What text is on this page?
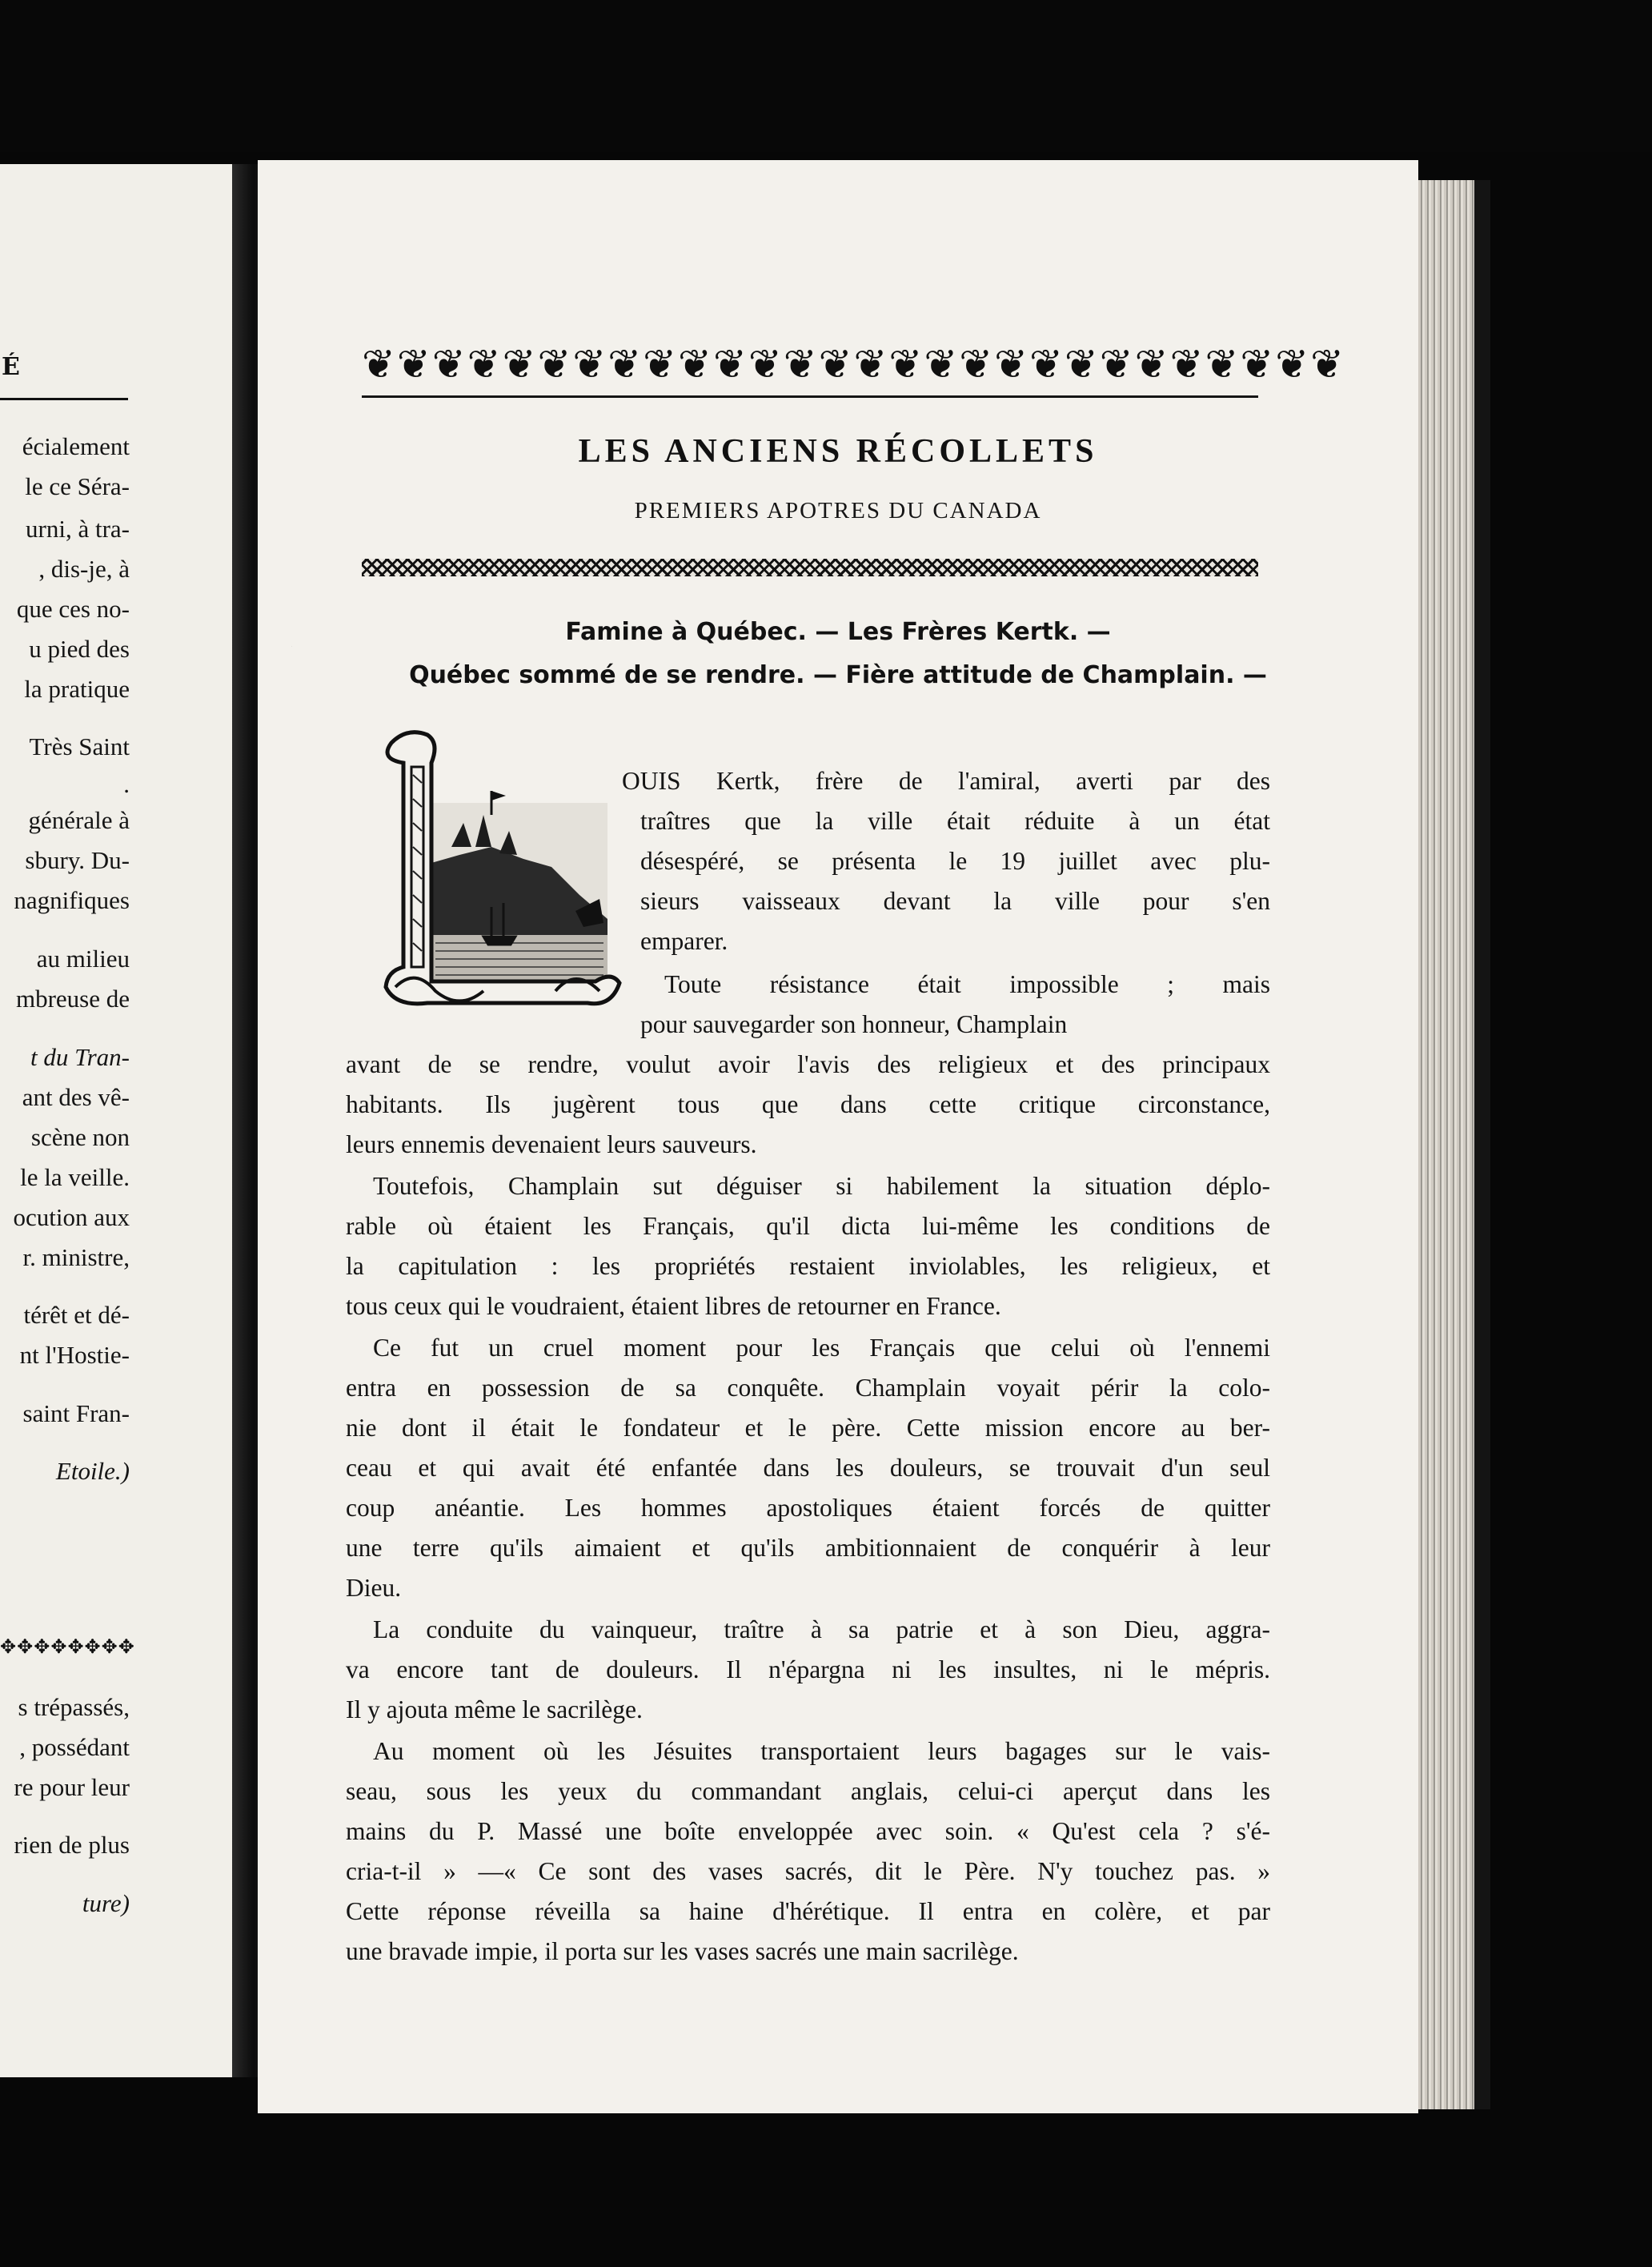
É
écialement
le ce Séra-
urni, à tra-
, dis-je, à
que ces no-
u pied des
la pratique
Très Saint
.
générale à
sbury. Du-
nagnifiques
au milieu
mbreuse de
t du Tran-
ant des vê-
scène non
le la veille.
ocution aux
r. ministre,
térêt et dé-
nt l'Hostie-
saint Fran-
Etoile.)
s trépassés,
, possédant
re pour leur
rien de plus
ture)
✥✥✥✥✥✥✥✥
❦❦❦❦❦❦❦❦❦❦❦❦❦❦❦❦❦❦❦❦❦❦❦❦❦❦❦❦
LES ANCIENS RÉCOLLETS
PREMIERS APOTRES DU CANADA
Famine à Québec. — Les Frères Kertk. —
Québec sommé de se rendre. — Fière attitude de Champlain. —
L
OUIS Kertk, frère de l'amiral, averti par des
traîtres que la ville était réduite à un état
désespéré, se présenta le 19 juillet avec plu-
sieurs vaisseaux devant la ville pour s'en
emparer.
Toute résistance était impossible ; mais
pour sauvegarder son honneur, Champlain
avant de se rendre, voulut avoir l'avis des religieux et des principaux
habitants. Ils jugèrent tous que dans cette critique circonstance,
leurs ennemis devenaient leurs sauveurs.
Toutefois, Champlain sut déguiser si habilement la situation déplo-
rable où étaient les Français, qu'il dicta lui-même les conditions de
la capitulation : les propriétés restaient inviolables, les religieux, et
tous ceux qui le voudraient, étaient libres de retourner en France.
Ce fut un cruel moment pour les Français que celui où l'ennemi
entra en possession de sa conquête. Champlain voyait périr la colo-
nie dont il était le fondateur et le père. Cette mission encore au ber-
ceau et qui avait été enfantée dans les douleurs, se trouvait d'un seul
coup anéantie. Les hommes apostoliques étaient forcés de quitter
une terre qu'ils aimaient et qu'ils ambitionnaient de conquérir à leur
Dieu.
La conduite du vainqueur, traître à sa patrie et à son Dieu, aggra-
va encore tant de douleurs. Il n'épargna ni les insultes, ni le mépris.
Il y ajouta même le sacrilège.
Au moment où les Jésuites transportaient leurs bagages sur le vais-
seau, sous les yeux du commandant anglais, celui-ci aperçut dans les
mains du P. Massé une boîte enveloppée avec soin. « Qu'est cela ? s'é-
cria-t-il » —« Ce sont des vases sacrés, dit le Père. N'y touchez pas. »
Cette réponse réveilla sa haine d'hérétique. Il entra en colère, et par
une bravade impie, il porta sur les vases sacrés une main sacrilège.
